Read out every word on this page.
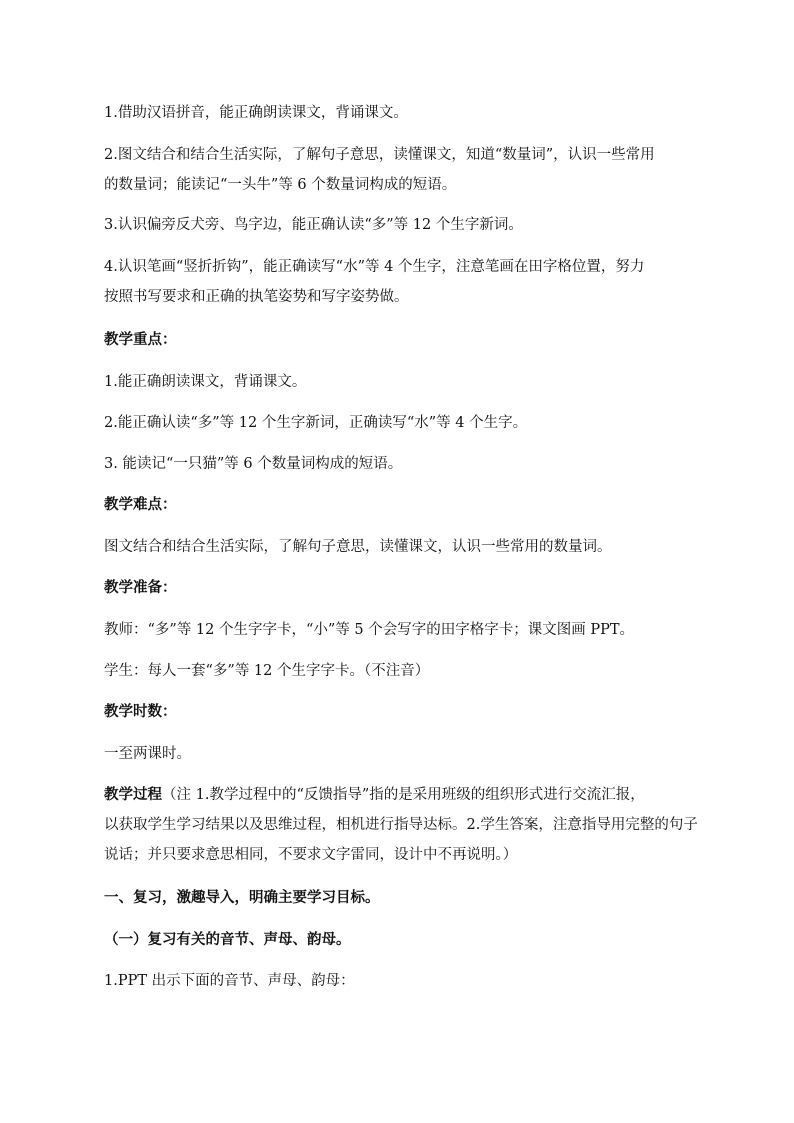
1.借助汉语拼音，能正确朗读课文，背诵课文。
2.图文结合和结合生活实际，了解句子意思，读懂课文，知道“数量词”，认识一些常用
的数量词；能读记“一头牛”等 6 个数量词构成的短语。
3.认识偏旁反犬旁、鸟字边，能正确认读“多”等 12 个生字新词。
4.认识笔画“竖折折钩”，能正确读写“水”等 4 个生字，注意笔画在田字格位置，努力
按照书写要求和正确的执笔姿势和写字姿势做。
教学重点：
1.能正确朗读课文，背诵课文。
2.能正确认读“多”等 12 个生字新词，正确读写“水”等 4 个生字。
3. 能读记“一只猫”等 6 个数量词构成的短语。
教学难点：
图文结合和结合生活实际，了解句子意思，读懂课文，认识一些常用的数量词。
教学准备：
教师：“多”等 12 个生字字卡，“小”等 5 个会写字的田字格字卡；课文图画 PPT。
学生：每人一套“多”等 12 个生字字卡。（不注音）
教学时数：
一至两课时。
教学过程（注 1.教学过程中的“反馈指导”指的是采用班级的组织形式进行交流汇报，
以获取学生学习结果以及思维过程，相机进行指导达标。2.学生答案，注意指导用完整的句子
说话；并只要求意思相同，不要求文字雷同，设计中不再说明。）
一、复习，激趣导入，明确主要学习目标。
（一）复习有关的音节、声母、韵母。
1.PPT 出示下面的音节、声母、韵母：
